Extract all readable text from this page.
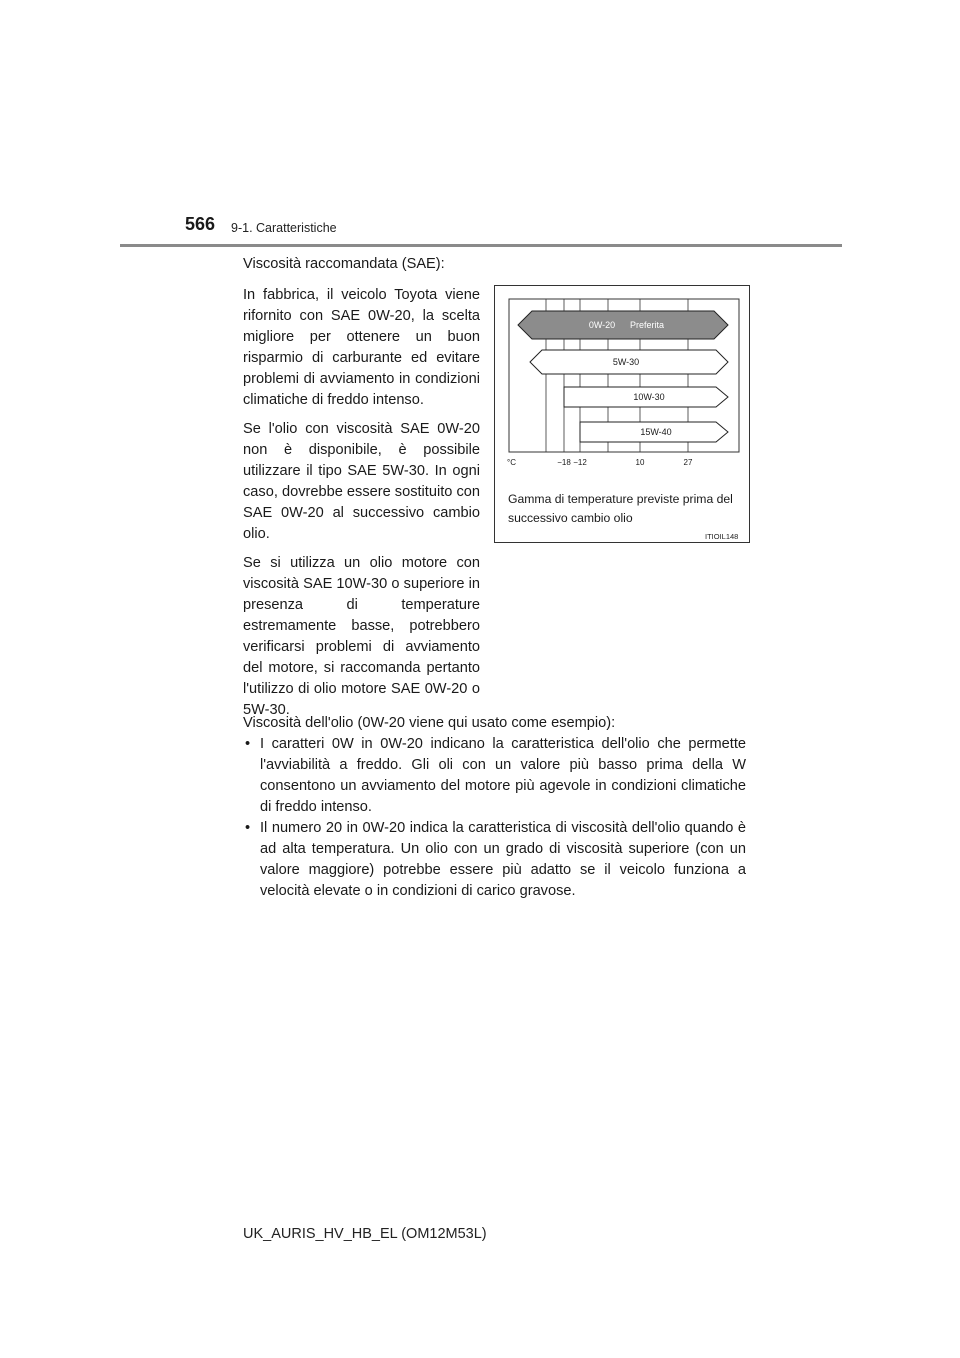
566 9-1. Caratteristiche

Viscosità raccomandata (SAE):

In fabbrica, il veicolo Toyota viene rifornito con SAE 0W-20, la scelta migliore per ottenere un buon risparmio di carburante ed evitare problemi di avviamento in condizioni climatiche di freddo intenso.

Se l'olio con viscosità SAE 0W-20 non è disponibile, è possibile utilizzare il tipo SAE 5W-30. In ogni caso, dovrebbe essere sostituito con SAE 0W-20 al successivo cambio olio.

Se si utilizza un olio motore con viscosità SAE 10W-30 o superiore in presenza di temperature estremamente basse, potrebbero verificarsi problemi di avviamento del motore, si raccomanda pertanto l'utilizzo di olio motore SAE 0W-20 o 5W-30.

0W-20 Preferita
5W-30
10W-30
15W-40
°C	−18 −12	10	27
Gamma di temperature previste prima del successivo cambio olio
ITIOIL148

Viscosità dell'olio (0W-20 viene qui usato come esempio):

• I caratteri 0W in 0W-20 indicano la caratteristica dell'olio che permette l'avviabilità a freddo. Gli oli con un valore più basso prima della W consentono un avviamento del motore più agevole in condizioni climatiche di freddo intenso.
• Il numero 20 in 0W-20 indica la caratteristica di viscosità dell'olio quando è ad alta temperatura. Un olio con un grado di viscosità superiore (con un valore maggiore) potrebbe essere più adatto se il veicolo funziona a velocità elevate o in condizioni di carico gravose.
UK_AURIS_HV_HB_EL (OM12M53L)
